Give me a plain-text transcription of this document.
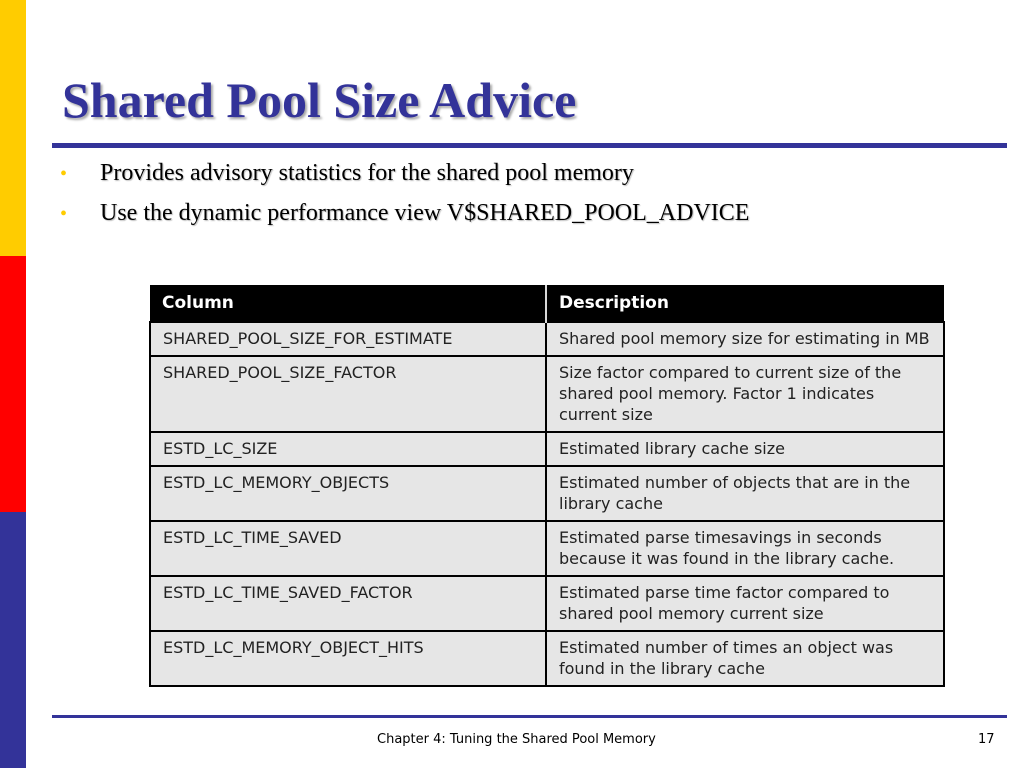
Shared Pool Size Advice
•	Provides advisory statistics for the shared pool memory
•	Use the dynamic performance view V$SHARED_POOL_ADVICE
Column	Description
SHARED_POOL_SIZE_FOR_ESTIMATE	Shared pool memory size for estimating in MB
SHARED_POOL_SIZE_FACTOR	Size factor compared to current size of the shared pool memory. Factor 1 indicates current size
ESTD_LC_SIZE	Estimated library cache size
ESTD_LC_MEMORY_OBJECTS	Estimated number of objects that are in the library cache
ESTD_LC_TIME_SAVED	Estimated parse timesavings in seconds because it was found in the library cache.
ESTD_LC_TIME_SAVED_FACTOR	Estimated parse time factor compared to shared pool memory current size
ESTD_LC_MEMORY_OBJECT_HITS	Estimated number of times an object was found in the library cache
Chapter 4: Tuning the Shared Pool Memory	17
